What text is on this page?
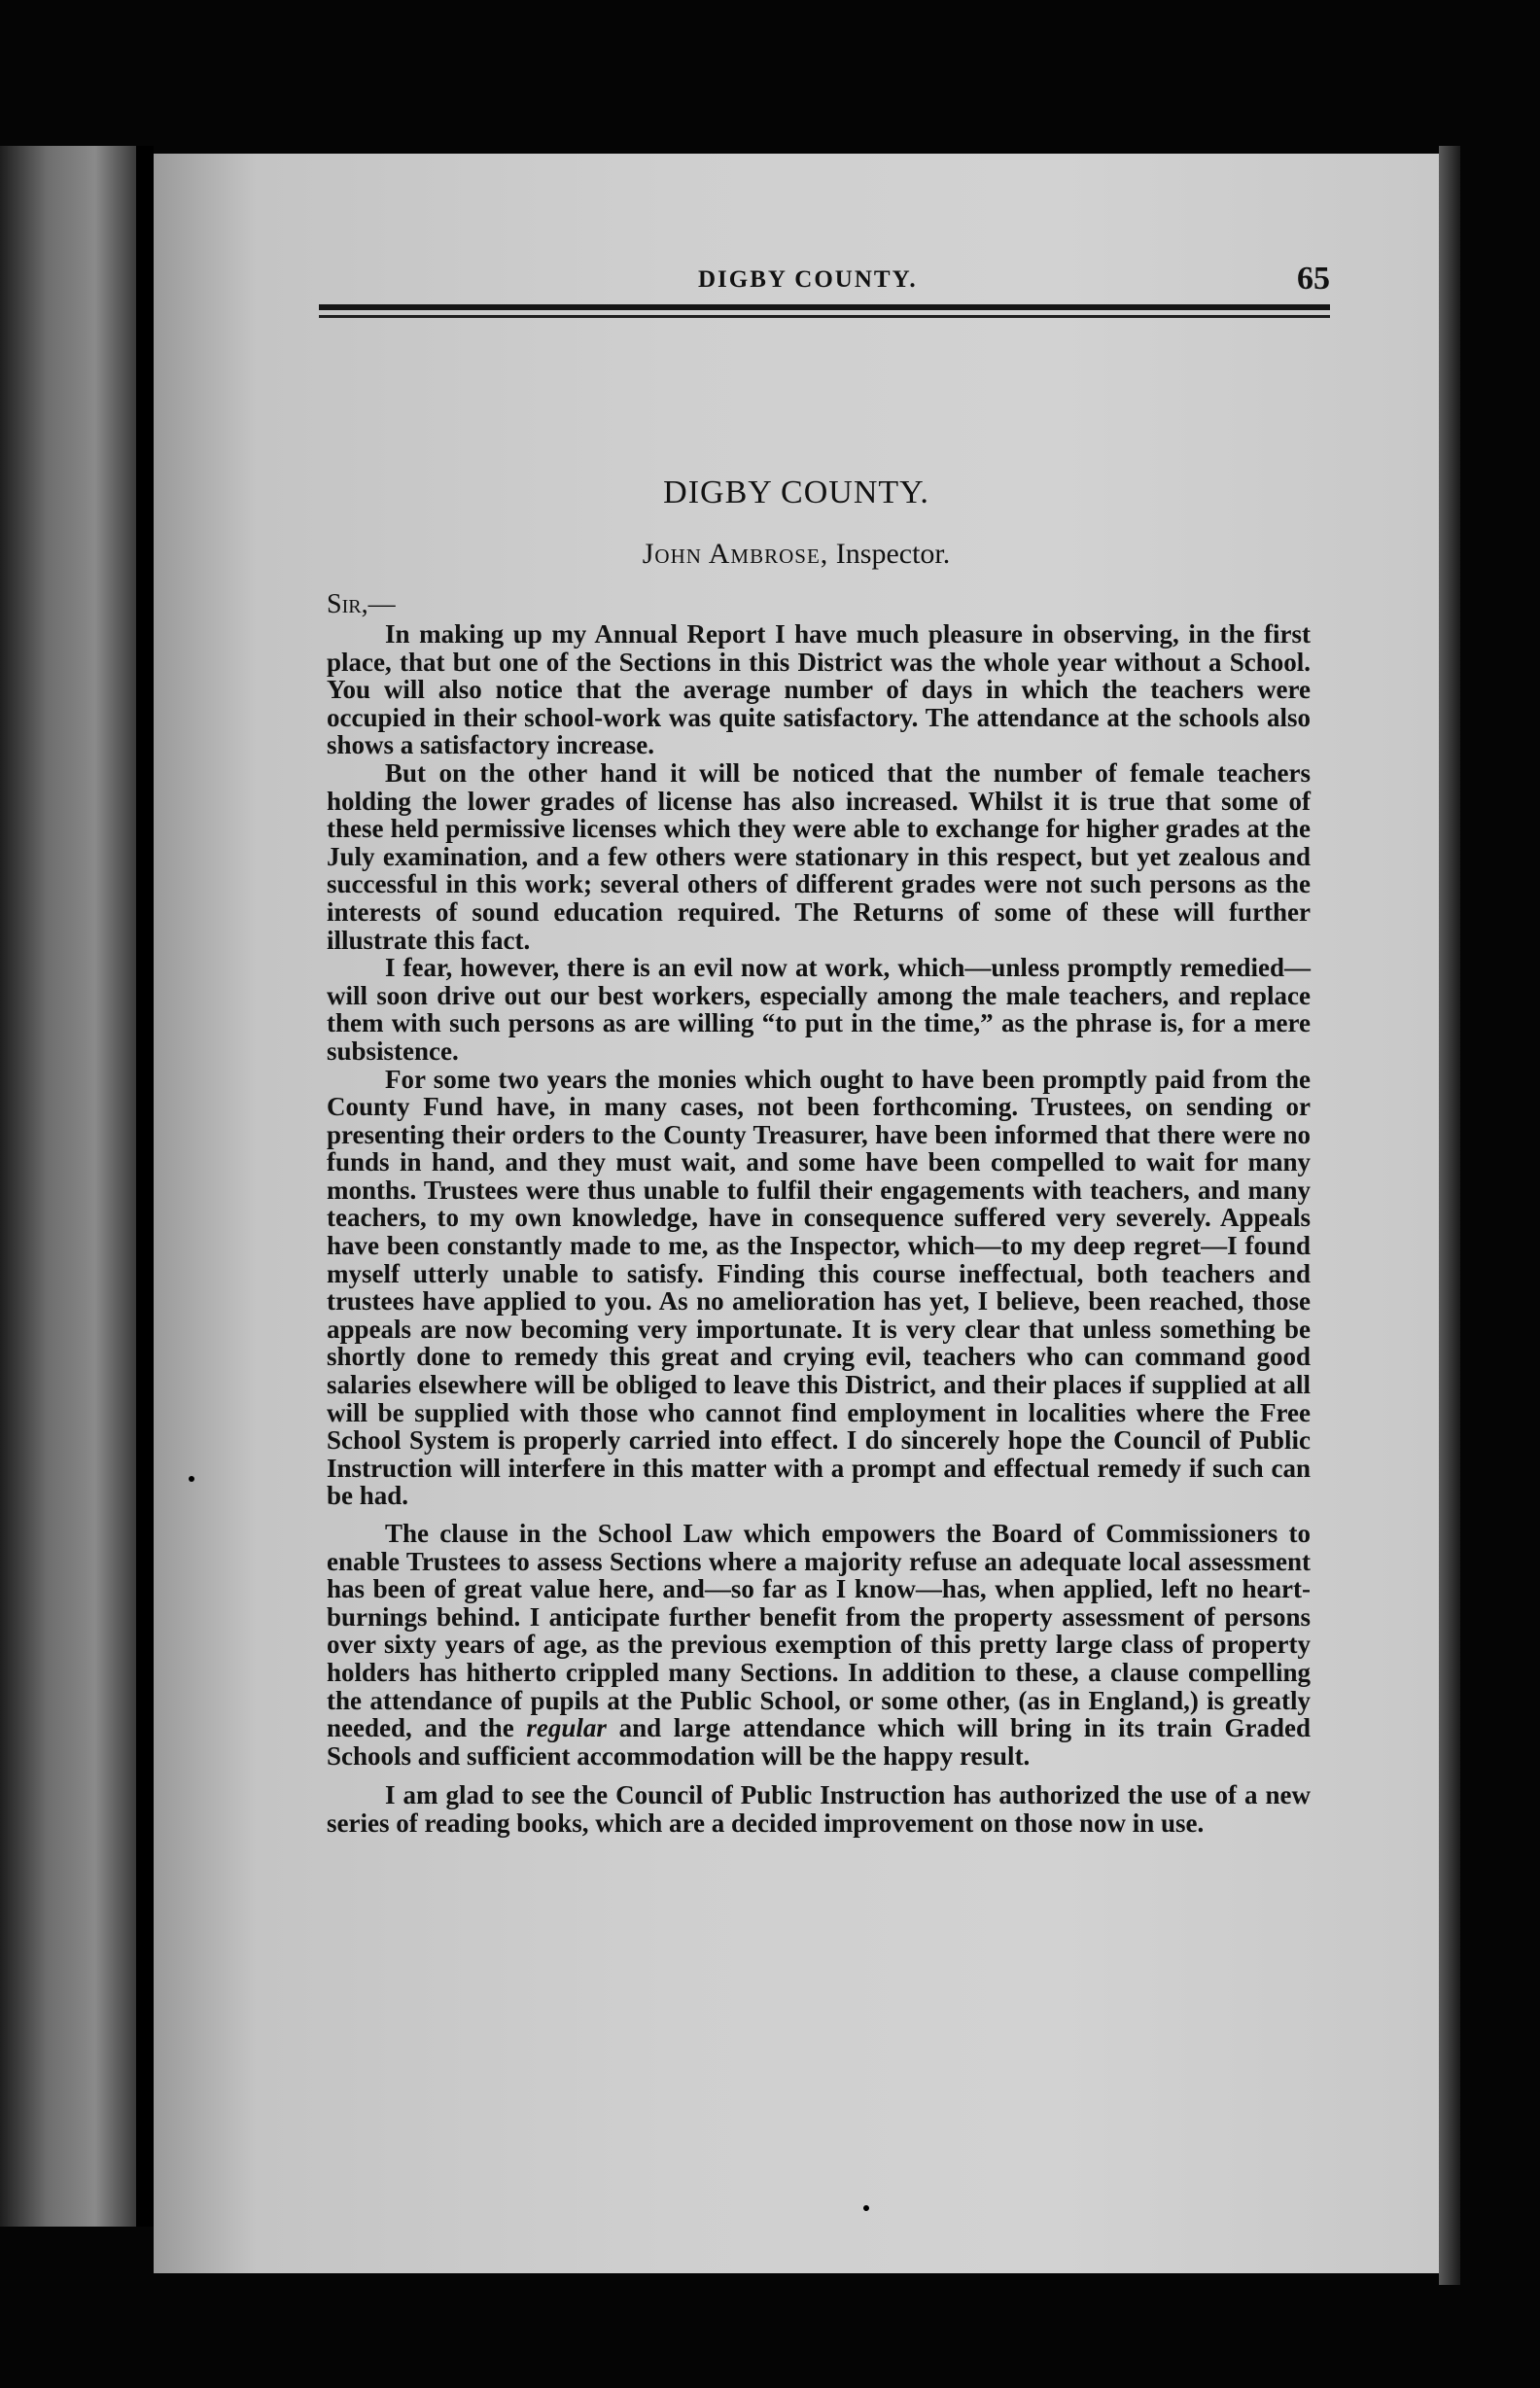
DIGBY COUNTY.	65
DIGBY COUNTY.
John Ambrose, Inspector.
Sir,—

In making up my Annual Report I have much pleasure in observing, in the first place, that but one of the Sections in this District was the whole year without a School. You will also notice that the average number of days in which the teachers were occupied in their school-work was quite satisfactory. The attendance at the schools also shows a satisfactory increase.

But on the other hand it will be noticed that the number of female teachers holding the lower grades of license has also increased. Whilst it is true that some of these held permissive licenses which they were able to exchange for higher grades at the July examination, and a few others were stationary in this respect, but yet zealous and successful in this work; several others of different grades were not such persons as the interests of sound education required. The Returns of some of these will further illustrate this fact.

I fear, however, there is an evil now at work, which—unless promptly remedied—will soon drive out our best workers, especially among the male teachers, and replace them with such persons as are willing “to put in the time,” as the phrase is, for a mere subsistence.

For some two years the monies which ought to have been promptly paid from the County Fund have, in many cases, not been forthcoming. Trustees, on sending or presenting their orders to the County Treasurer, have been informed that there were no funds in hand, and they must wait, and some have been compelled to wait for many months. Trustees were thus unable to fulfil their engagements with teachers, and many teachers, to my own knowledge, have in consequence suffered very severely. Appeals have been constantly made to me, as the Inspector, which—to my deep regret—I found myself utterly unable to satisfy. Finding this course ineffectual, both teachers and trustees have applied to you. As no amelioration has yet, I believe, been reached, those appeals are now becoming very importunate. It is very clear that unless something be shortly done to remedy this great and crying evil, teachers who can command good salaries elsewhere will be obliged to leave this District, and their places if supplied at all will be supplied with those who cannot find employment in localities where the Free School System is properly carried into effect. I do sincerely hope the Council of Public Instruction will interfere in this matter with a prompt and effectual remedy if such can be had.

The clause in the School Law which empowers the Board of Commissioners to enable Trustees to assess Sections where a majority refuse an adequate local assessment has been of great value here, and—so far as I know—has, when applied, left no heart-burnings behind. I anticipate further benefit from the property assessment of persons over sixty years of age, as the previous exemption of this pretty large class of property holders has hitherto crippled many Sections. In addition to these, a clause compelling the attendance of pupils at the Public School, or some other, (as in England,) is greatly needed, and the regular and large attendance which will bring in its train Graded Schools and sufficient accommodation will be the happy result.

I am glad to see the Council of Public Instruction has authorized the use of a new series of reading books, which are a decided improvement on those now in use.
